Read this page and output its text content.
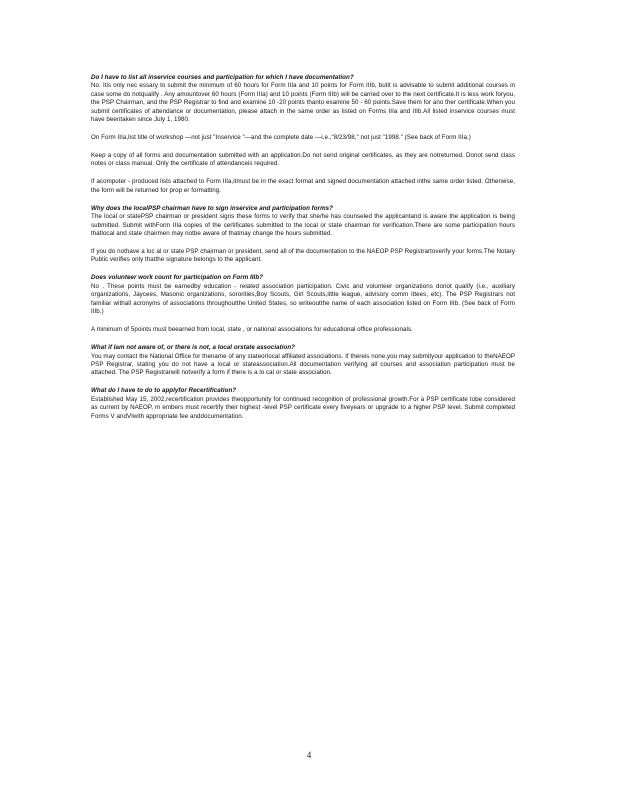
Do I have to list all inservice courses and participation for which I have documentation?
No. Itis only nec essary to submit the minimum of 60 hours for Form IIIa and 10 points for Form IIIb, butit is advisable to submit additional courses in case some do notqualify . Any amountover 60 hours (Form IIIa) and 10 points (Form IIIb) will be carried over to the next certificate.It is less work foryou, the PSP Chairman, and the PSP Registrar to find and examine 10 -20 points thanto examine 50 - 60 points.Save them for ano ther certificate.When you submit certificates of attendance or documentation, please attach in the same order as listed on Forms IIIa and IIIb.All listed inservice courses must have beentaken since July 1, 1980.

On Form IIIa,list title of workshop —not just "Inservice "—and the complete date —i.e.,"8/23/98," not just "1998." (See back of Form IIIa.)

Keep a copy of all forms and documentation submitted with an application.Do not send original certificates, as they are notreturned. Donot send class notes or class manual. Only the certificate of attendanceis required.

If acomputer - produced lists attached to Form IIIa,itmust be in the exact format and signed documentation attached inthe same order listed. Otherwise, the form will be returned for prop er formatting.

Why does the localPSP chairman have to sign inservice and participation forms?
The local or statePSP chairman or president signs these forms to verify that she/he has counseled the applicantand is aware the application is being submitted. Submit withForm IIIa copies of the certificates submitted to the local or state chairman for verification.There are some participation hours thatlocal and state chairmen may notbe aware of thatmay change the hours submitted.

If you do nothave a loc al or state PSP chairman or president, send all of the documentation to the NAEOP PSP Registrartoverify your forms.The Notary Public verifies only thatthe signature belongs to the applicant.

Does volunteer work count for participation on Form IIIb?
No . These points must be earnedby education - related association participation. Civic and volunteer organizations donot qualify (i.e., auxiliary organizations, Jaycees, Masonic organizations, sororities,Boy Scouts, Girl Scouts,little league, advisory comm ittees, etc). The PSP Registrars not familiar withall acronyms of associations throughoutthe United States, so writeoutthe name of each association listed on Form IIIb. (See back of Form IIIb.)

A minimum of 5points must beearned from local, state , or national associations for educational office professionals.

What if Iam not aware of, or there is not, a local orstate association?
You may contact the National Office for thename of any stateorlocal affiliated associations. If thereis none,you may submityour application to theNAEOP PSP Registrar, stating you do not have a local or stateassociation.All documentation verifying all courses and association participation must be attached. The PSP Registrarwill notverify a form if there is a lo cal or state association.

What do I have to do to applyfor Recertification?
Established May 15, 2002,recertification provides theopportunity for continued recognition of professional growth.For a PSP certificate tobe considered as current by NAEOP, m embers must recertify their highest -level PSP certificate every fiveyears or upgrade to a higher PSP level. Submit completed Forms V andVIwith appropriate fee anddocumentation.

4
